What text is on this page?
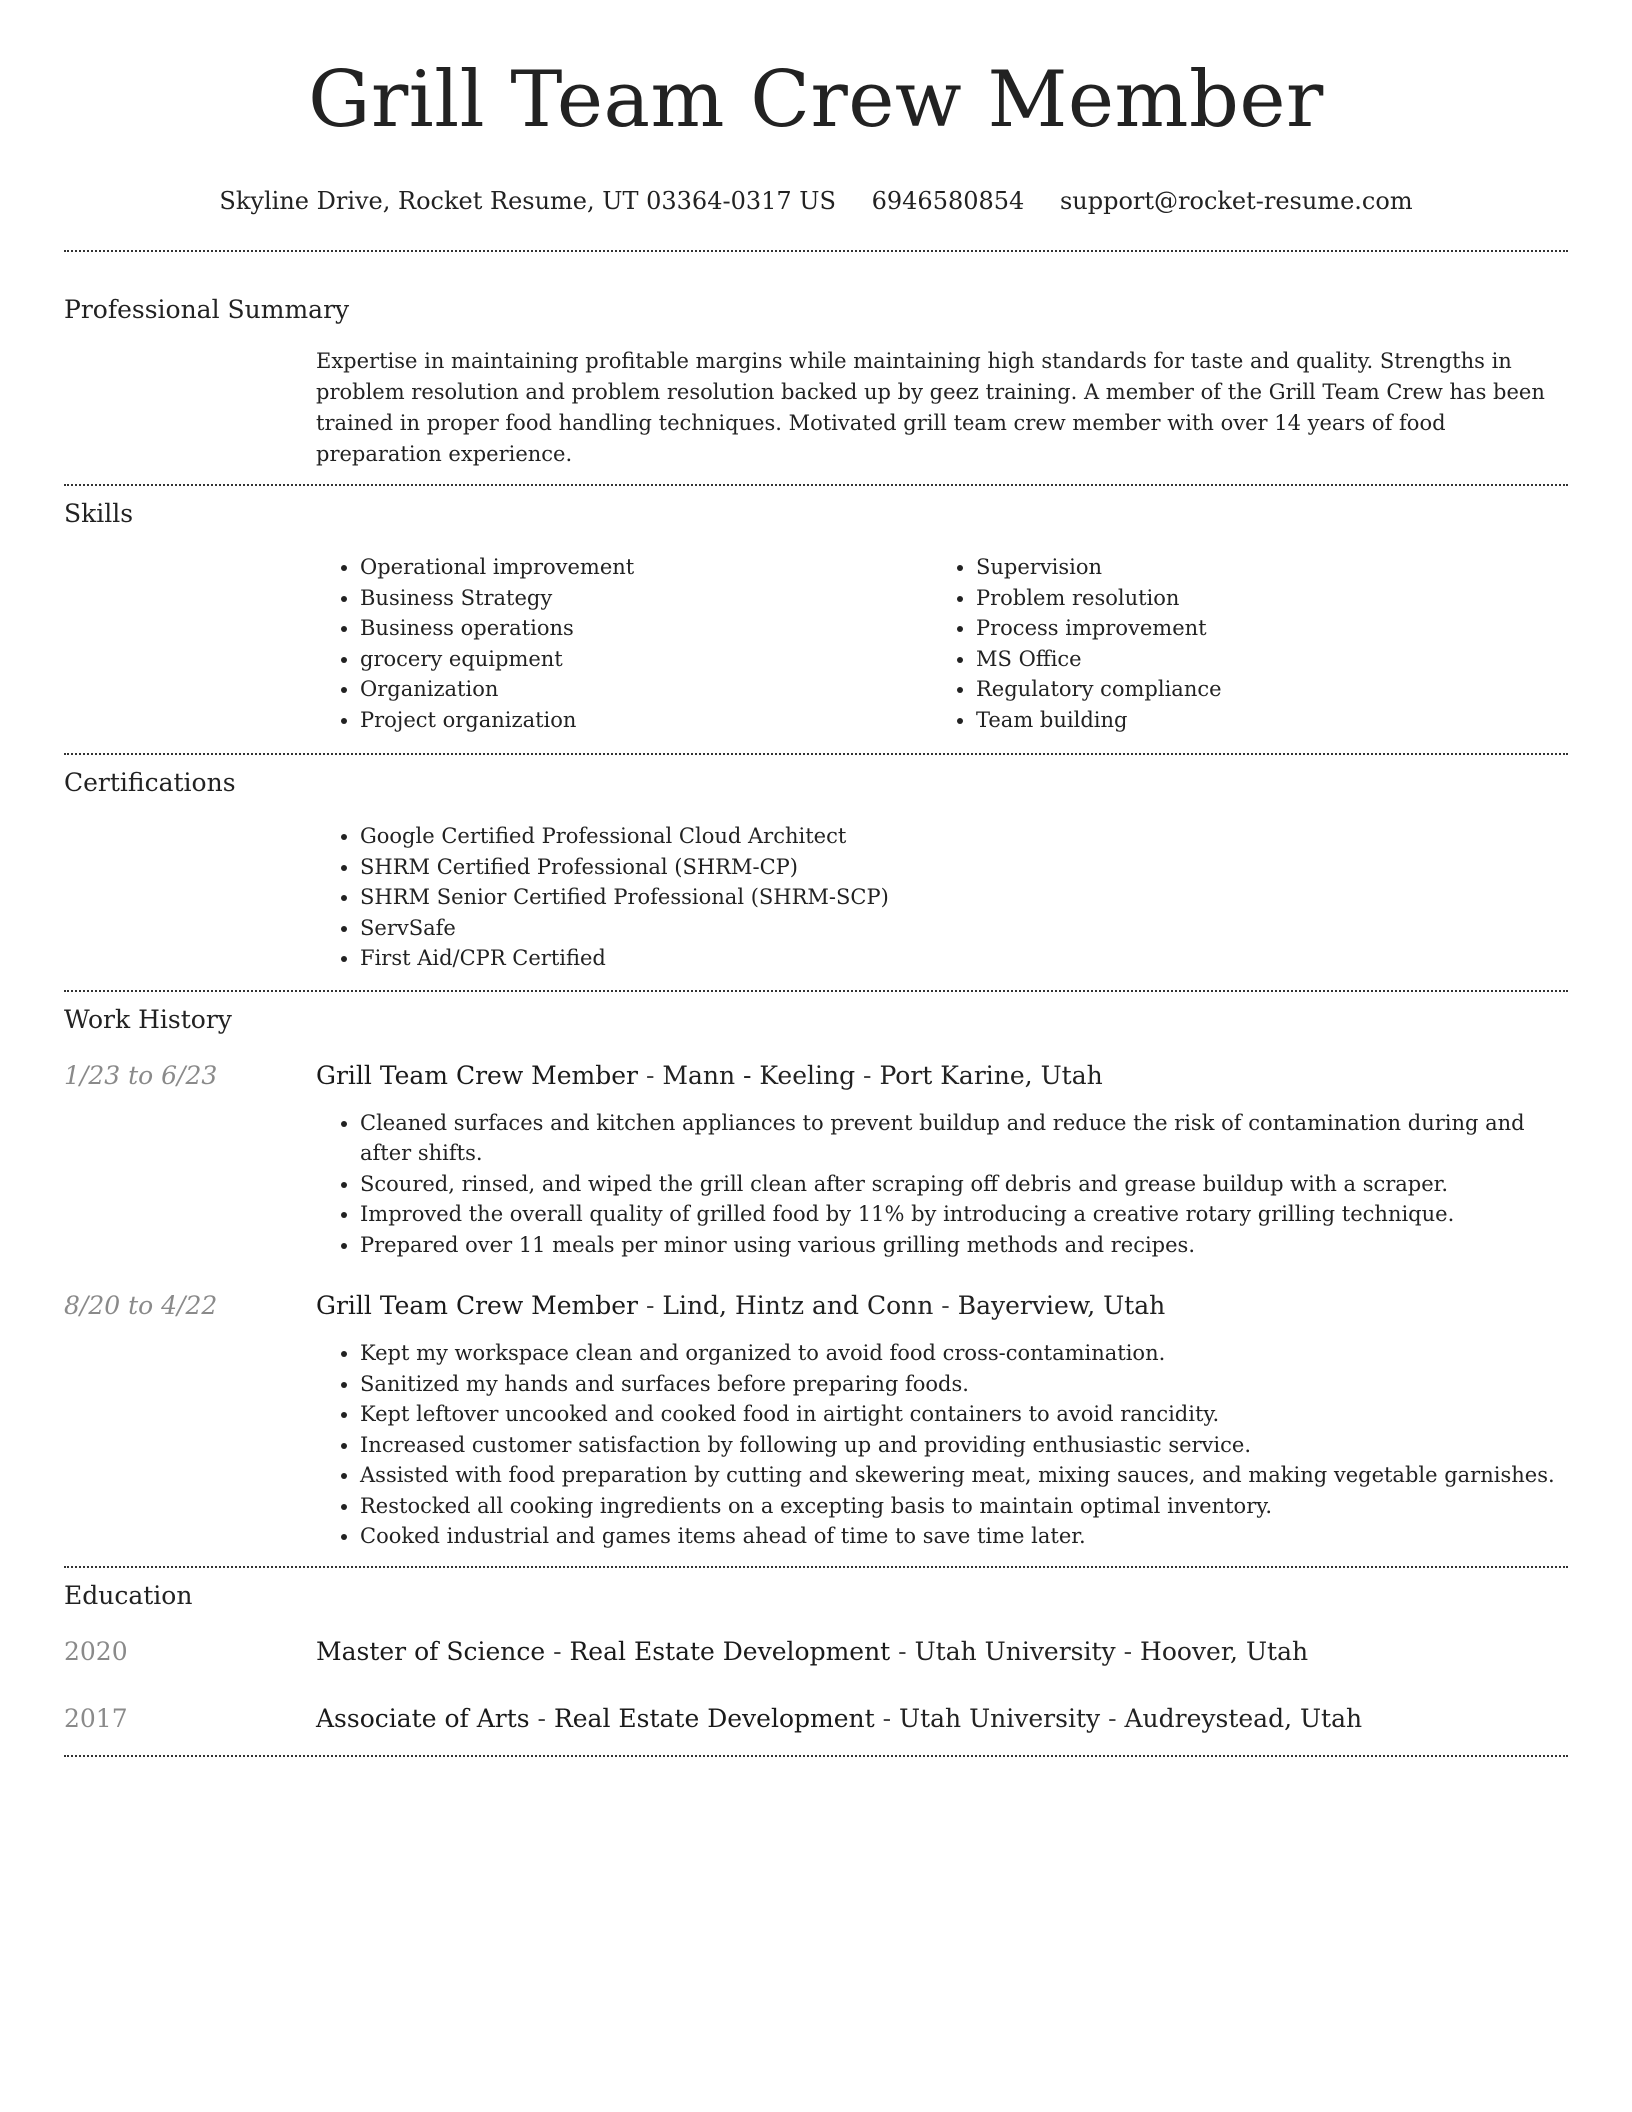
Grill Team Crew Member
Skyline Drive, Rocket Resume, UT 03364-0317 US 6946580854 support@rocket-resume.com
Professional Summary

Expertise in maintaining profitable margins while maintaining high standards for taste and quality. Strengths in problem resolution and problem resolution backed up by geez training. A member of the Grill Team Crew has been trained in proper food handling techniques. Motivated grill team crew member with over 14 years of food preparation experience.

Skills
• Operational improvement
• Business Strategy
• Business operations
• grocery equipment
• Organization
• Project organization
• Supervision
• Problem resolution
• Process improvement
• MS Office
• Regulatory compliance
• Team building
Certifications
• Google Certified Professional Cloud Architect
• SHRM Certified Professional (SHRM-CP)
• SHRM Senior Certified Professional (SHRM-SCP)
• ServSafe
• First Aid/CPR Certified
Work History
1/23 to 6/23	Grill Team Crew Member - Mann - Keeling - Port Karine, Utah
• Cleaned surfaces and kitchen appliances to prevent buildup and reduce the risk of contamination during and after shifts.
• Scoured, rinsed, and wiped the grill clean after scraping off debris and grease buildup with a scraper.
• Improved the overall quality of grilled food by 11% by introducing a creative rotary grilling technique.
• Prepared over 11 meals per minor using various grilling methods and recipes.
8/20 to 4/22	Grill Team Crew Member - Lind, Hintz and Conn - Bayerview, Utah
• Kept my workspace clean and organized to avoid food cross-contamination.
• Sanitized my hands and surfaces before preparing foods.
• Kept leftover uncooked and cooked food in airtight containers to avoid rancidity.
• Increased customer satisfaction by following up and providing enthusiastic service.
• Assisted with food preparation by cutting and skewering meat, mixing sauces, and making vegetable garnishes.
• Restocked all cooking ingredients on a excepting basis to maintain optimal inventory.
• Cooked industrial and games items ahead of time to save time later.
Education
2020	Master of Science - Real Estate Development - Utah University - Hoover, Utah
2017	Associate of Arts - Real Estate Development - Utah University - Audreystead, Utah
